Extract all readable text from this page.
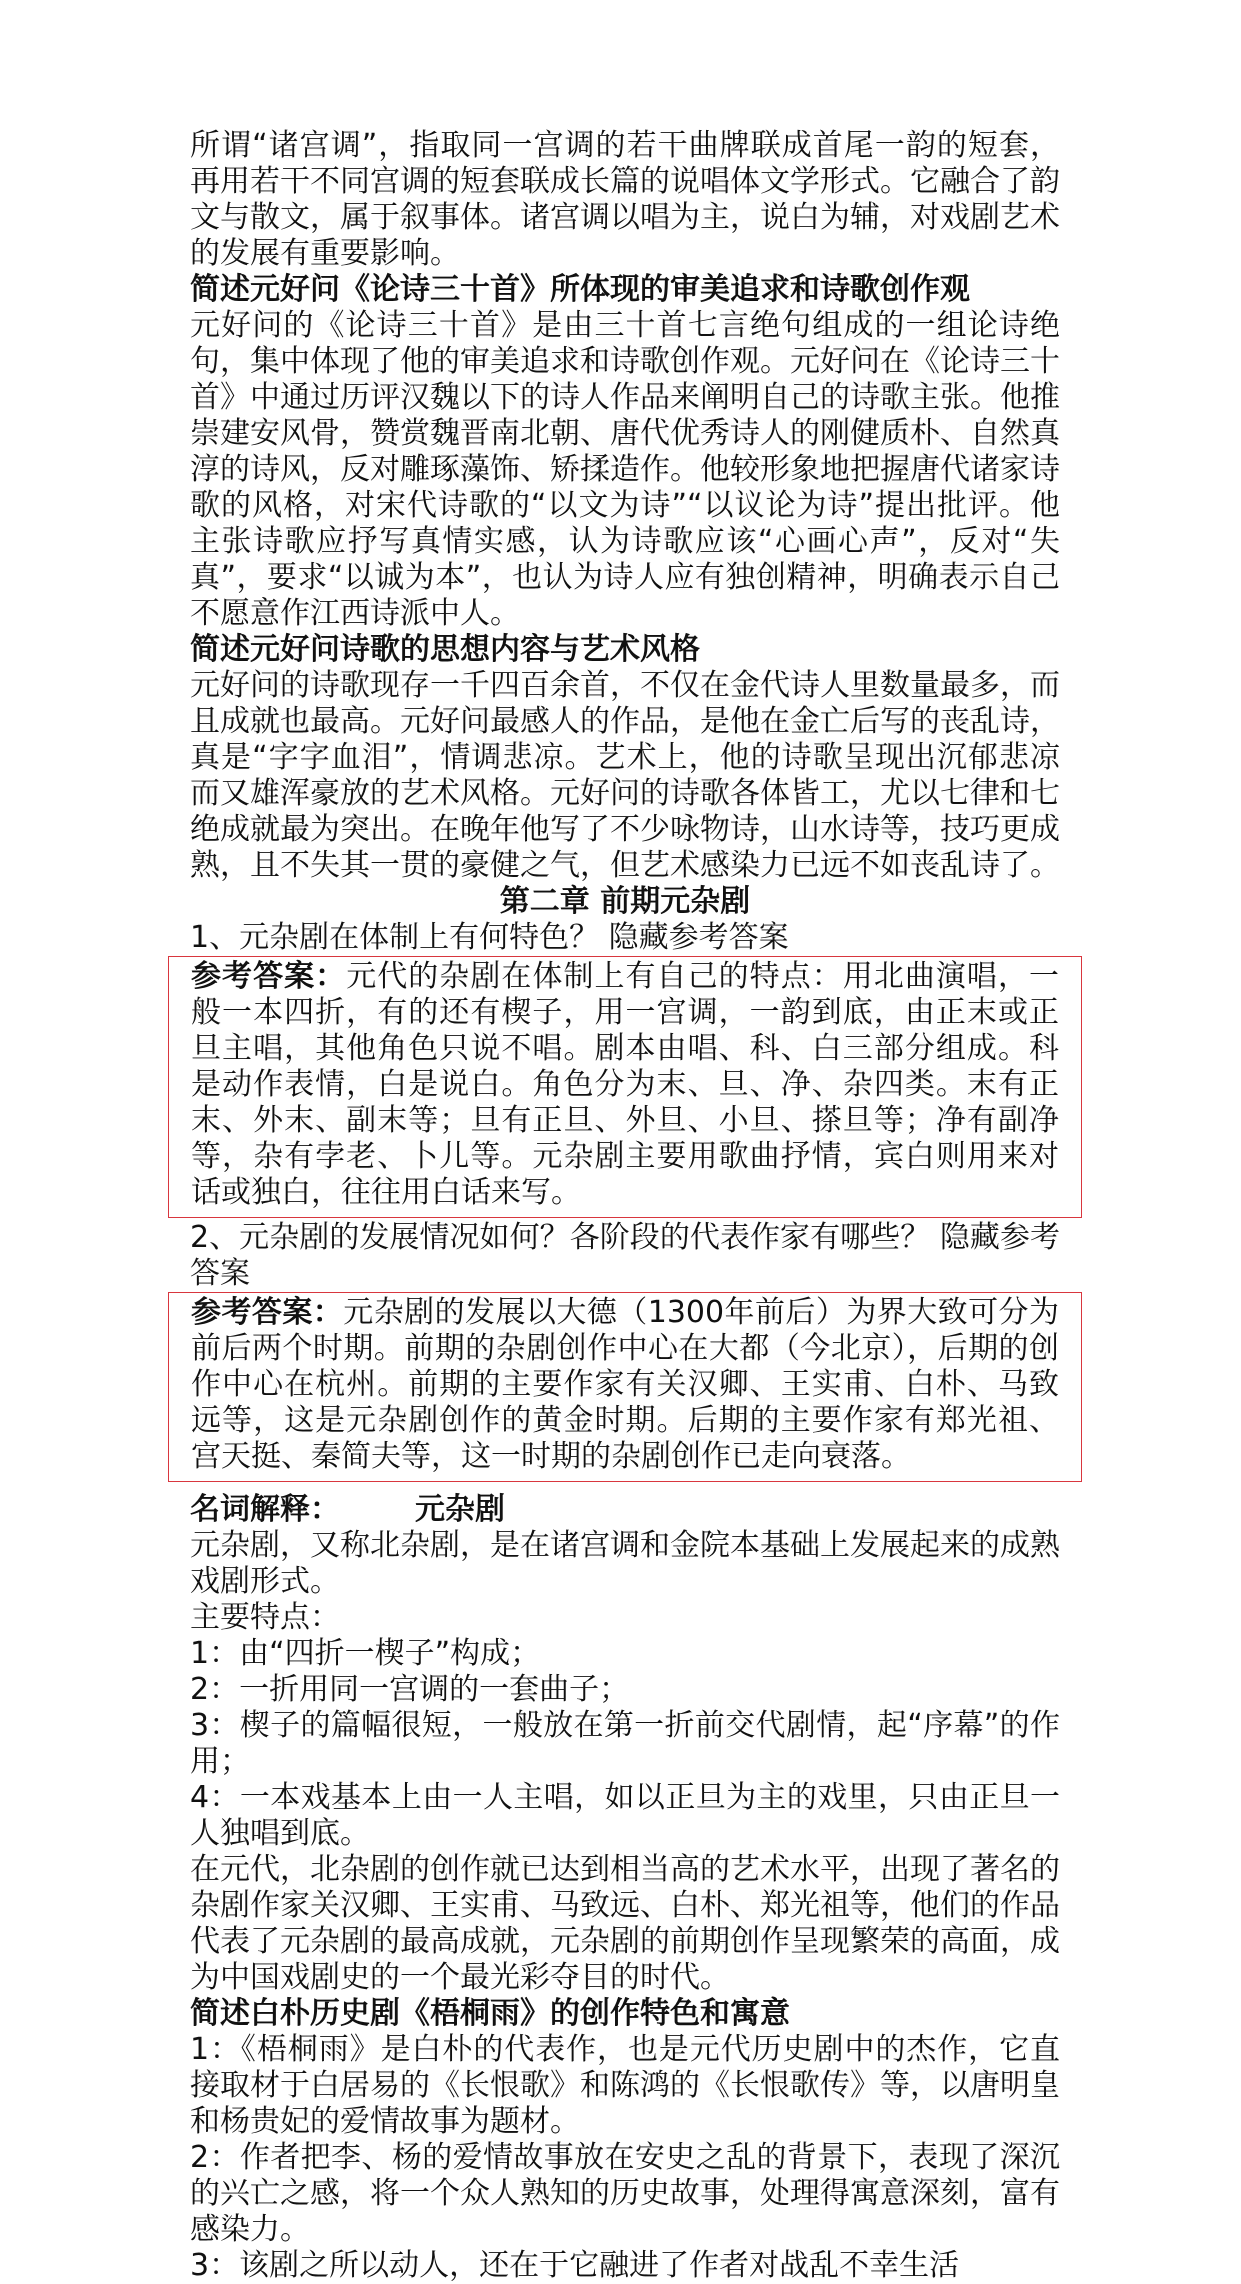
所谓“诸宫调”，指取同一宫调的若干曲牌联成首尾一韵的短套，再用若干不同宫调的短套联成长篇的说唱体文学形式。它融合了韵文与散文，属于叙事体。诸宫调以唱为主，说白为辅，对戏剧艺术的发展有重要影响。

简述元好问《论诗三十首》所体现的审美追求和诗歌创作观

元好问的《论诗三十首》是由三十首七言绝句组成的一组论诗绝句，集中体现了他的审美追求和诗歌创作观。元好问在《论诗三十首》中通过历评汉魏以下的诗人作品来阐明自己的诗歌主张。他推崇建安风骨，赞赏魏晋南北朝、唐代优秀诗人的刚健质朴、自然真淳的诗风，反对雕琢藻饰、矫揉造作。他较形象地把握唐代诸家诗歌的风格，对宋代诗歌的“以文为诗”“以议论为诗”提出批评。他主张诗歌应抒写真情实感，认为诗歌应该“心画心声”，反对“失真”，要求“以诚为本”，也认为诗人应有独创精神，明确表示自己不愿意作江西诗派中人。

简述元好问诗歌的思想内容与艺术风格

元好问的诗歌现存一千四百余首，不仅在金代诗人里数量最多，而且成就也最高。元好问最感人的作品，是他在金亡后写的丧乱诗，真是“字字血泪”，情调悲凉。艺术上，他的诗歌呈现出沉郁悲凉而又雄浑豪放的艺术风格。元好问的诗歌各体皆工，尤以七律和七绝成就最为突出。在晚年他写了不少咏物诗，山水诗等，技巧更成熟，且不失其一贯的豪健之气，但艺术感染力已远不如丧乱诗了。

第二章 前期元杂剧

1、元杂剧在体制上有何特色？ 隐藏参考答案

参考答案：元代的杂剧在体制上有自己的特点：用北曲演唱，一般一本四折，有的还有楔子，用一宫调，一韵到底，由正末或正旦主唱，其他角色只说不唱。剧本由唱、科、白三部分组成。科是动作表情，白是说白。角色分为末、旦、净、杂四类。末有正末、外末、副末等；旦有正旦、外旦、小旦、搽旦等；净有副净等，杂有孛老、卜儿等。元杂剧主要用歌曲抒情，宾白则用来对话或独白，往往用白话来写。

2、元杂剧的发展情况如何？各阶段的代表作家有哪些？ 隐藏参考答案

参考答案：元杂剧的发展以大德（1300年前后）为界大致可分为前后两个时期。前期的杂剧创作中心在大都（今北京），后期的创作中心在杭州。前期的主要作家有关汉卿、王实甫、白朴、马致远等，这是元杂剧创作的黄金时期。后期的主要作家有郑光祖、宫天挺、秦简夫等，这一时期的杂剧创作已走向衰落。

名词解释：　　　元杂剧

元杂剧，又称北杂剧，是在诸宫调和金院本基础上发展起来的成熟戏剧形式。

主要特点：

1：由“四折一楔子”构成；

2：一折用同一宫调的一套曲子；

3：楔子的篇幅很短，一般放在第一折前交代剧情，起“序幕”的作用；

4：一本戏基本上由一人主唱，如以正旦为主的戏里，只由正旦一人独唱到底。

在元代，北杂剧的创作就已达到相当高的艺术水平，出现了著名的杂剧作家关汉卿、王实甫、马致远、白朴、郑光祖等，他们的作品代表了元杂剧的最高成就，元杂剧的前期创作呈现繁荣的高面，成为中国戏剧史的一个最光彩夺目的时代。

简述白朴历史剧《梧桐雨》的创作特色和寓意

1：《梧桐雨》是白朴的代表作，也是元代历史剧中的杰作，它直接取材于白居易的《长恨歌》和陈鸿的《长恨歌传》等，以唐明皇和杨贵妃的爱情故事为题材。

2：作者把李、杨的爱情故事放在安史之乱的背景下，表现了深沉的兴亡之感，将一个众人熟知的历史故事，处理得寓意深刻，富有感染力。

3：该剧之所以动人，还在于它融进了作者对战乱不幸生活
